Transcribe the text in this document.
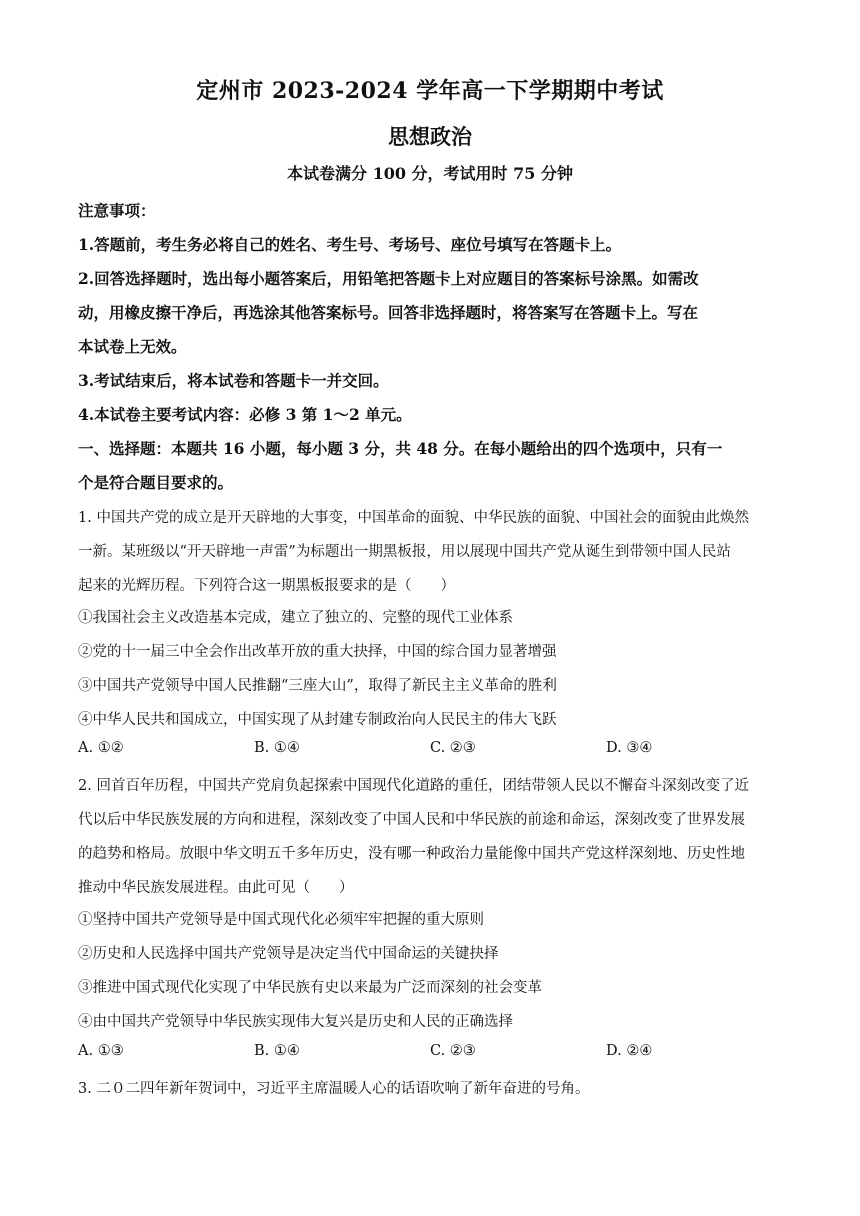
定州市 2023-2024 学年高一下学期期中考试
思想政治
本试卷满分 100 分，考试用时 75 分钟
注意事项：
1.答题前，考生务必将自己的姓名、考生号、考场号、座位号填写在答题卡上。
2.回答选择题时，选出每小题答案后，用铅笔把答题卡上对应题目的答案标号涂黑。如需改
动，用橡皮擦干净后，再选涂其他答案标号。回答非选择题时，将答案写在答题卡上。写在
本试卷上无效。
3.考试结束后，将本试卷和答题卡一并交回。
4.本试卷主要考试内容：必修 3 第 1～2 单元。
一、选择题：本题共 16 小题，每小题 3 分，共 48 分。在每小题给出的四个选项中，只有一
个是符合题目要求的。
1. 中国共产党的成立是开天辟地的大事变，中国革命的面貌、中华民族的面貌、中国社会的面貌由此焕然
一新。某班级以“开天辟地一声雷”为标题出一期黑板报，用以展现中国共产党从诞生到带领中国人民站
起来的光辉历程。下列符合这一期黑板报要求的是（　　）
①我国社会主义改造基本完成，建立了独立的、完整的现代工业体系
②党的十一届三中全会作出改革开放的重大抉择，中国的综合国力显著增强
③中国共产党领导中国人民推翻“三座大山”，取得了新民主主义革命的胜利
④中华人民共和国成立，中国实现了从封建专制政治向人民民主的伟大飞跃
A. ①②	B. ①④	C. ②③	D. ③④
2. 回首百年历程，中国共产党肩负起探索中国现代化道路的重任，团结带领人民以不懈奋斗深刻改变了近
代以后中华民族发展的方向和进程，深刻改变了中国人民和中华民族的前途和命运，深刻改变了世界发展
的趋势和格局。放眼中华文明五千多年历史，没有哪一种政治力量能像中国共产党这样深刻地、历史性地
推动中华民族发展进程。由此可见（　　）
①坚持中国共产党领导是中国式现代化必须牢牢把握的重大原则
②历史和人民选择中国共产党领导是决定当代中国命运的关键抉择
③推进中国式现代化实现了中华民族有史以来最为广泛而深刻的社会变革
④由中国共产党领导中华民族实现伟大复兴是历史和人民的正确选择
A. ①③	B. ①④	C. ②③	D. ②④
3. 二０二四年新年贺词中，习近平主席温暖人心的话语吹响了新年奋进的号角。
